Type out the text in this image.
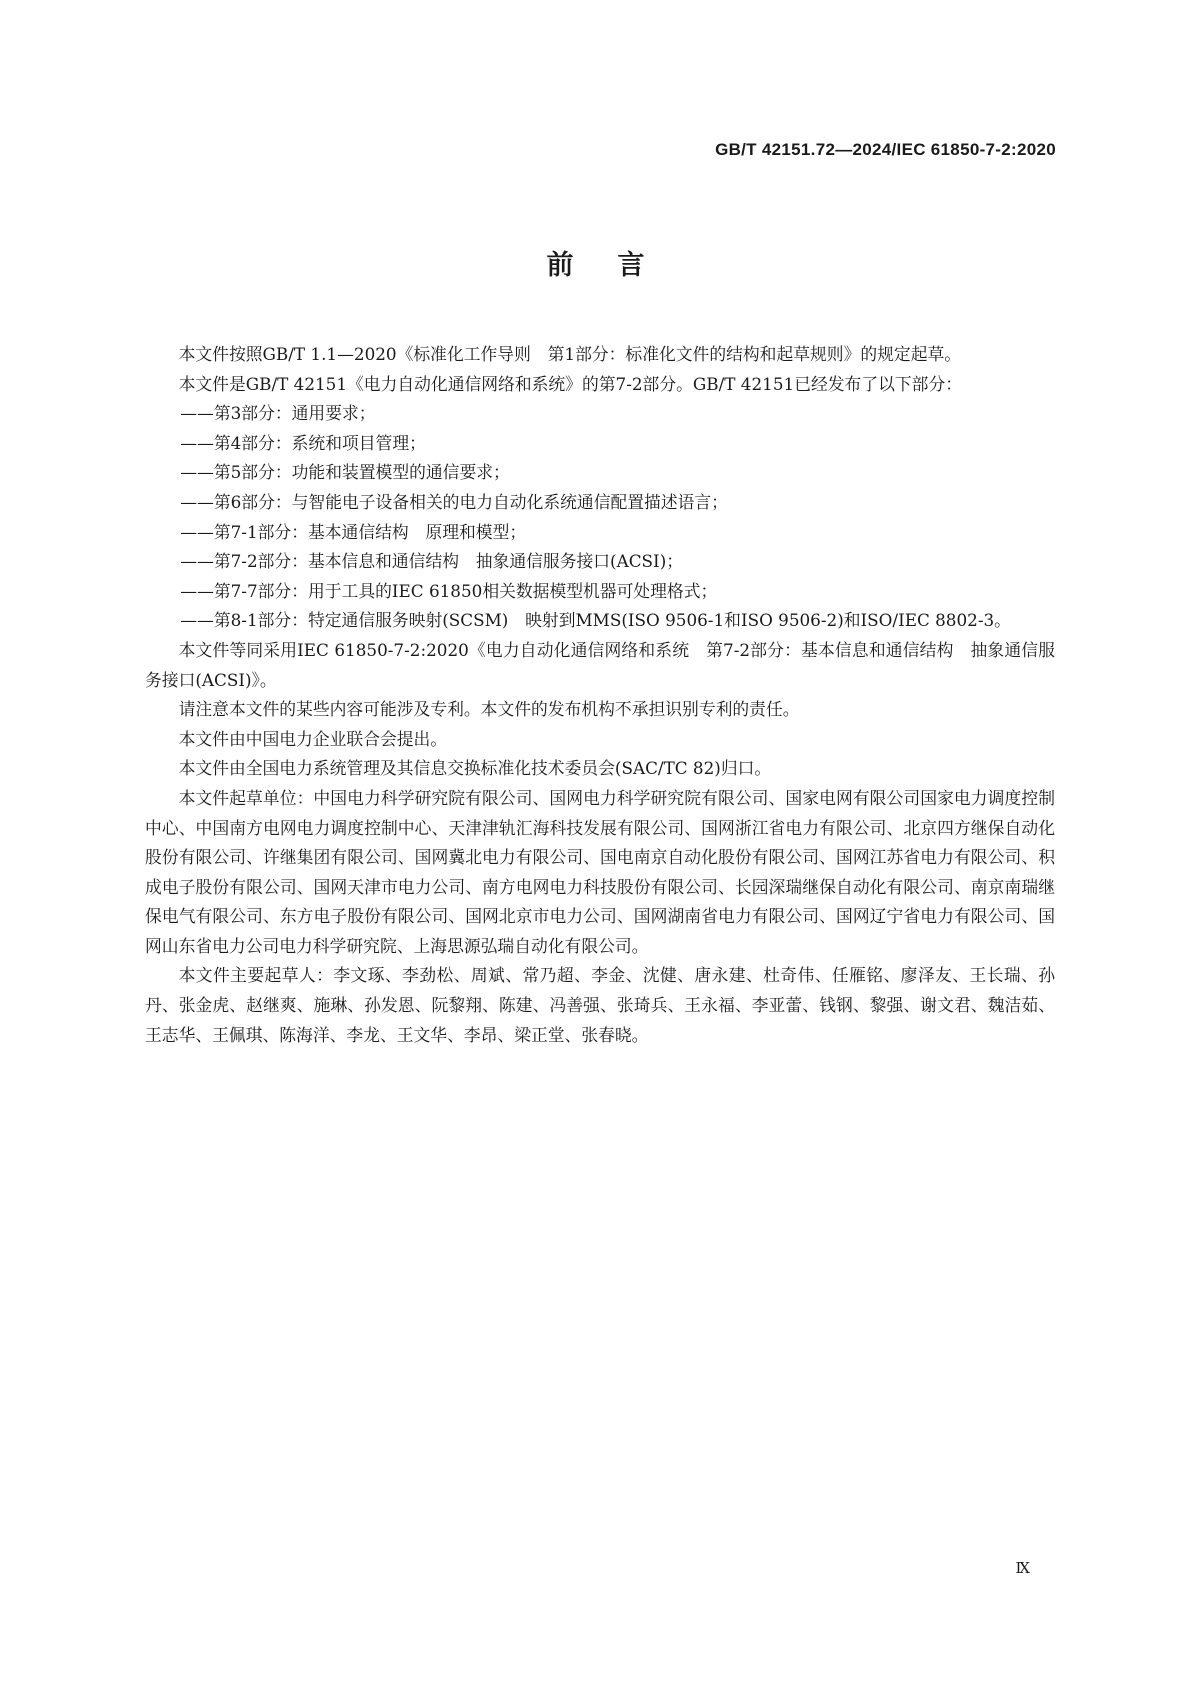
GB/T 42151.72—2024/IEC 61850-7-2:2020
前言

本文件按照GB/T 1.1—2020《标准化工作导则　第1部分：标准化文件的结构和起草规则》的规定起草。

本文件是GB/T 42151《电力自动化通信网络和系统》的第7-2部分。GB/T 42151已经发布了以下部分：

——第3部分：通用要求；
——第4部分：系统和项目管理；
——第5部分：功能和装置模型的通信要求；
——第6部分：与智能电子设备相关的电力自动化系统通信配置描述语言；
——第7-1部分：基本通信结构　原理和模型；
——第7-2部分：基本信息和通信结构　抽象通信服务接口(ACSI)；
——第7-7部分：用于工具的IEC 61850相关数据模型机器可处理格式；
——第8-1部分：特定通信服务映射(SCSM)　映射到MMS(ISO 9506-1和ISO 9506-2)和ISO/IEC 8802-3。

本文件等同采用IEC 61850-7-2:2020《电力自动化通信网络和系统　第7-2部分：基本信息和通信结构　抽象通信服务接口(ACSI)》。

请注意本文件的某些内容可能涉及专利。本文件的发布机构不承担识别专利的责任。

本文件由中国电力企业联合会提出。

本文件由全国电力系统管理及其信息交换标准化技术委员会(SAC/TC 82)归口。

本文件起草单位：中国电力科学研究院有限公司、国网电力科学研究院有限公司、国家电网有限公司国家电力调度控制中心、中国南方电网电力调度控制中心、天津津轨汇海科技发展有限公司、国网浙江省电力有限公司、北京四方继保自动化股份有限公司、许继集团有限公司、国网冀北电力有限公司、国电南京自动化股份有限公司、国网江苏省电力有限公司、积成电子股份有限公司、国网天津市电力公司、南方电网电力科技股份有限公司、长园深瑞继保自动化有限公司、南京南瑞继保电气有限公司、东方电子股份有限公司、国网北京市电力公司、国网湖南省电力有限公司、国网辽宁省电力有限公司、国网山东省电力公司电力科学研究院、上海思源弘瑞自动化有限公司。

本文件主要起草人：李文琢、李劲松、周斌、常乃超、李金、沈健、唐永建、杜奇伟、任雁铭、廖泽友、王长瑞、孙丹、张金虎、赵继爽、施琳、孙发恩、阮黎翔、陈建、冯善强、张琦兵、王永福、李亚蕾、钱钢、黎强、谢文君、魏洁茹、王志华、王佩琪、陈海洋、李龙、王文华、李昂、梁正堂、张春晓。

Ⅸ
